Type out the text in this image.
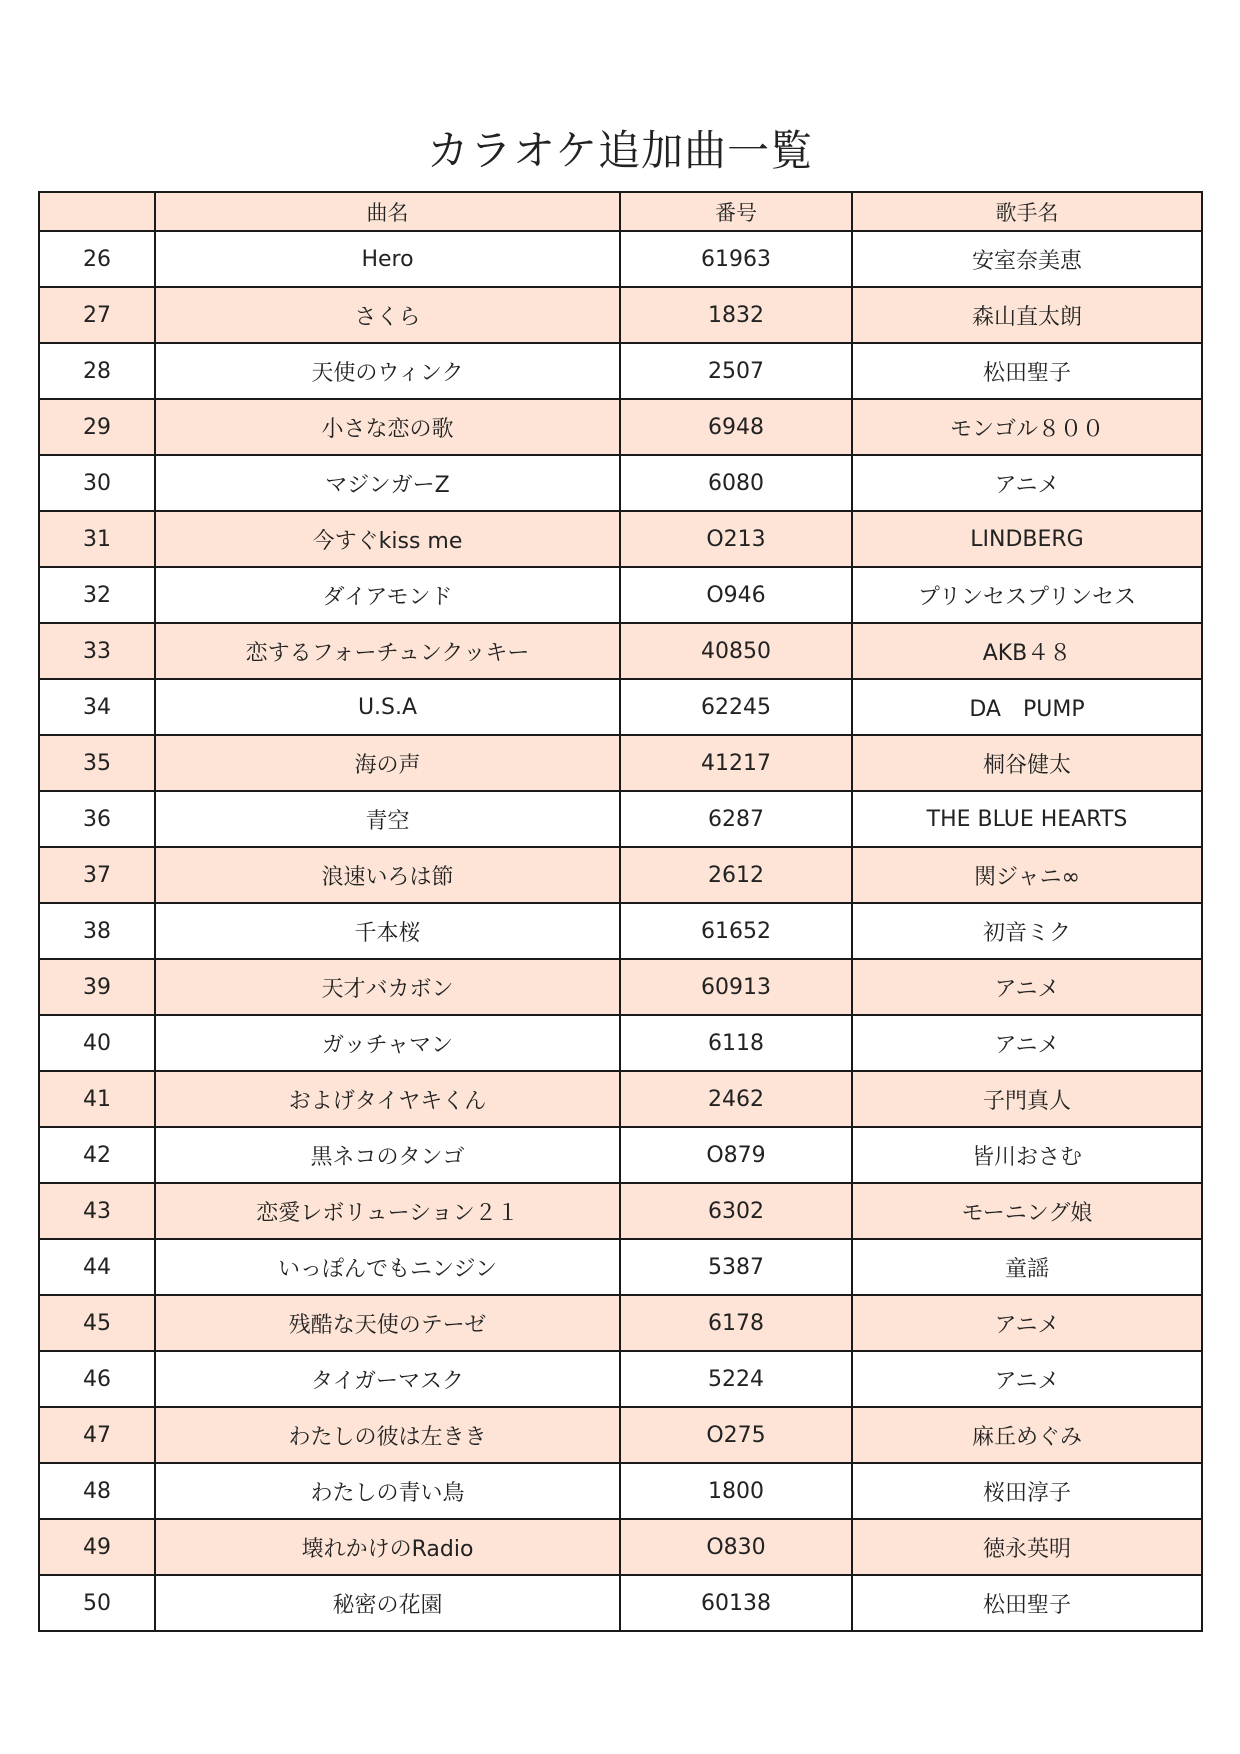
カラオケ追加曲一覧
	曲名	番号	歌手名
26	Hero	61963	安室奈美恵
27	さくら	1832	森山直太朗
28	天使のウィンク	2507	松田聖子
29	小さな恋の歌	6948	モンゴル８００
30	マジンガーZ	6080	アニメ
31	今すぐkiss me	O213	LINDBERG
32	ダイアモンド	O946	プリンセスプリンセス
33	恋するフォーチュンクッキー	40850	AKB４８
34	U.S.A	62245	DA　PUMP
35	海の声	41217	桐谷健太
36	青空	6287	THE BLUE HEARTS
37	浪速いろは節	2612	関ジャニ∞
38	千本桜	61652	初音ミク
39	天才バカボン	60913	アニメ
40	ガッチャマン	6118	アニメ
41	およげタイヤキくん	2462	子門真人
42	黒ネコのタンゴ	O879	皆川おさむ
43	恋愛レボリューション２１	6302	モーニング娘
44	いっぽんでもニンジン	5387	童謡
45	残酷な天使のテーゼ	6178	アニメ
46	タイガーマスク	5224	アニメ
47	わたしの彼は左きき	O275	麻丘めぐみ
48	わたしの青い鳥	1800	桜田淳子
49	壊れかけのRadio	O830	徳永英明
50	秘密の花園	60138	松田聖子
